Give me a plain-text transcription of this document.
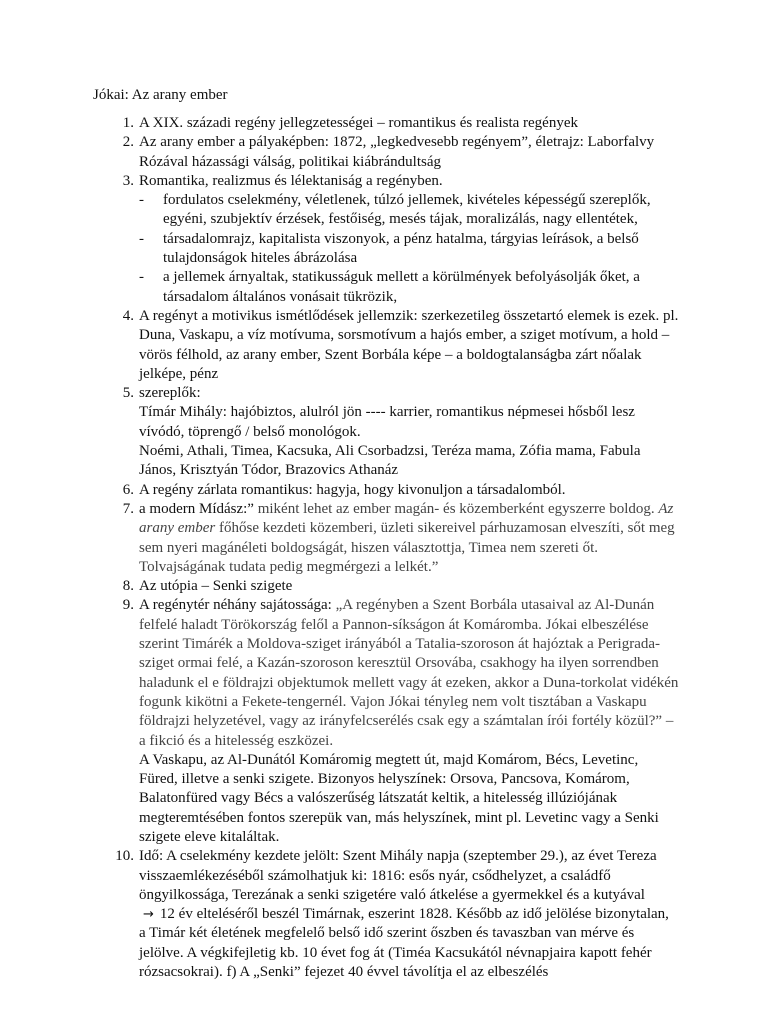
Jókai: Az arany ember

1. A XIX. századi regény jellegzetességei – romantikus és realista regények
2. Az arany ember a pályaképben: 1872, „legkedvesebb regényem”, életrajz: Laborfalvy Rózával házassági válság, politikai kiábrándultság
3. Romantika, realizmus és lélektaniság a regényben.
- fordulatos cselekmény, véletlenek, túlzó jellemek, kivételes képességű szereplők, egyéni, szubjektív érzések, festőiség, mesés tájak, moralizálás, nagy ellentétek,
- társadalomrajz, kapitalista viszonyok, a pénz hatalma, tárgyias leírások, a belső tulajdonságok hiteles ábrázolása
- a jellemek árnyaltak, statikusságuk mellett a körülmények befolyásolják őket, a társadalom általános vonásait tükrözik,
4. A regényt a motivikus ismétlődések jellemzik: szerkezetileg összetartó elemek is ezek. pl. Duna, Vaskapu, a víz motívuma, sorsmotívum a hajós ember, a sziget motívum, a hold –vörös félhold, az arany ember, Szent Borbála képe – a boldogtalanságba zárt nőalak jelképe, pénz
5. szereplők:

Tímár Mihály: hajóbiztos, alulról jön ---- karrier, romantikus népmesei hősből lesz vívódó, töprengő / belső monológok.

Noémi, Athali, Timea, Kacsuka, Ali Csorbadzsi, Teréza mama, Zófia mama, Fabula János, Krisztyán Tódor, Brazovics Athanáz

6. A regény zárlata romantikus: hagyja, hogy kivonuljon a társadalomból.
7. a modern Mídász:” miként lehet az ember magán- és közemberként egyszerre boldog. Az arany ember főhőse kezdeti közemberi, üzleti sikereivel párhuzamosan elveszíti, sőt meg sem nyeri magánéleti boldogságát, hiszen választottja, Timea nem szereti őt. Tolvajságának tudata pedig megmérgezi a lelkét.”
8. Az utópia – Senki szigete
9. A regénytér néhány sajátossága: „A regényben a Szent Borbála utasaival az Al-Dunán felfelé haladt Törökország felől a Pannon-síkságon át Komáromba. Jókai elbeszélése szerint Timárék a Moldova-sziget irányából a Tatalia-szoroson át hajóztak a Perigrada-sziget ormai felé, a Kazán-szoroson keresztül Orsovába, csakhogy ha ilyen sorrendben haladunk el e földrajzi objektumok mellett vagy át ezeken, akkor a Duna-torkolat vidékén fogunk kikötni a Fekete-tengernél. Vajon Jókai tényleg nem volt tisztában a Vaskapu földrajzi helyzetével, vagy az irányfelcserélés csak egy a számtalan írói fortély közül?” – a fikció és a hitelesség eszközei.

A Vaskapu, az Al-Dunától Komáromig megtett út, majd Komárom, Bécs, Levetinc, Füred, illetve a senki szigete. Bizonyos helyszínek: Orsova, Pancsova, Komárom, Balatonfüred vagy Bécs a valószerűség látszatát keltik, a hitelesség illúziójának megteremtésében fontos szerepük van, más helyszínek, mint pl. Levetinc vagy a Senki szigete eleve kitaláltak.

10. Idő: A cselekmény kezdete jelölt: Szent Mihály napja (szeptember 29.), az évet Tereza visszaemlékezéséből számolhatjuk ki: 1816: esős nyár, csődhelyzet, a családfő öngyilkossága, Terezának a senki szigetére való átkelése a gyermekkel és a kutyával
→ 12 év elteléséről beszél Timárnak, eszerint 1828. Később az idő jelölése bizonytalan, a Timár két életének megfelelő belső idő szerint őszben és tavaszban van mérve és jelölve. A végkifejletig kb. 10 évet fog át (Timéa Kacsukától névnapjaira kapott fehér rózsacsokrai). f) A „Senki” fejezet 40 évvel távolítja el az elbeszélés
